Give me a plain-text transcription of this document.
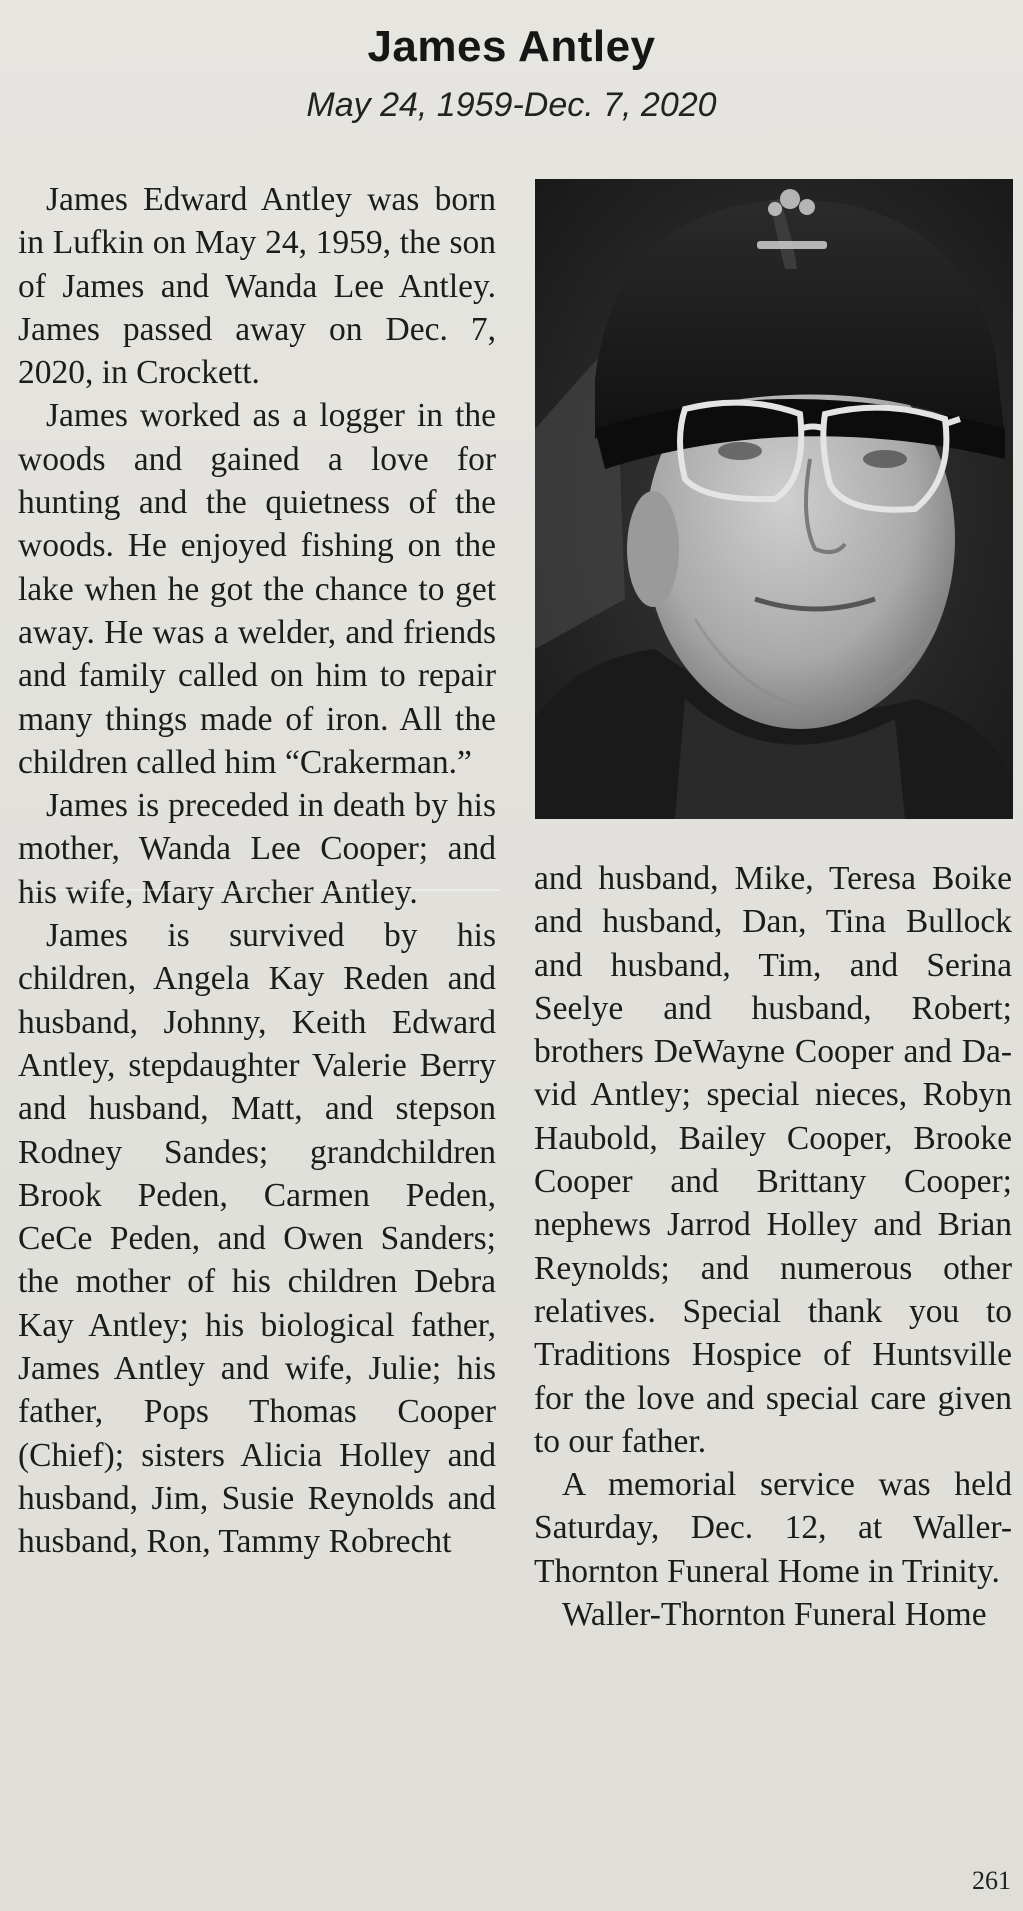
James Antley
May 24, 1959-Dec. 7, 2020

James Edward Antley was born in Lufkin on May 24, 1959, the son of James and Wanda Lee Antley. James passed away on Dec. 7, 2020, in Crockett.

James worked as a logger in the woods and gained a love for hunting and the quietness of the woods. He enjoyed fishing on the lake when he got the chance to get away. He was a welder, and friends and family called on him to repair many things made of iron. All the children called him “Crakerman.”

James is preceded in death by his mother, Wanda Lee Cooper; and his wife, Mary Archer Antley.

James is survived by his children, Angela Kay Reden and husband, Johnny, Keith Edward Antley, stepdaughter Valerie Berry and husband, Matt, and stepson Rodney Sandes; grandchildren Brook Peden, Carmen Peden, CeCe Peden, and Owen Sanders; the mother of his children Debra Kay Antley; his biological father, James Antley and wife, Julie; his father, Pops Thomas Cooper (Chief); sisters Alicia Holley and husband, Jim, Susie Reynolds and husband, Ron, Tammy Robrecht

and husband, Mike, Teresa Boike and husband, Dan, Tina Bullock and husband, Tim, and Serina Seelye and husband, Robert; brothers DeWayne Cooper and David Antley; special nieces, Robyn Haubold, Bailey Cooper, Brooke Cooper and Brittany Cooper; nephews Jarrod Holley and Brian Reynolds; and numerous other relatives. Special thank you to Traditions Hospice of Huntsville for the love and special care given to our father.

A memorial service was held Saturday, Dec. 12, at Waller-Thornton Funeral Home in Trinity.

Waller-Thornton Funeral Home

261
